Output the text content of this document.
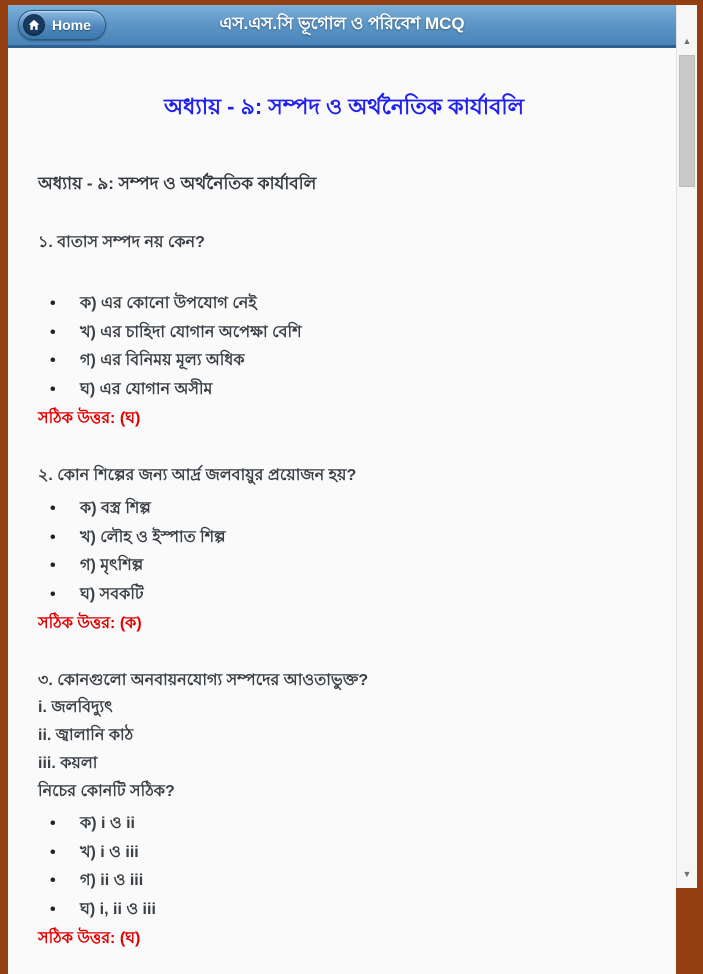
Home	এস.এস.সি ভূগোল ও পরিবেশ MCQ
অধ্যায় - ৯: সম্পদ ও অর্থনৈতিক কার্যাবলি
অধ্যায় - ৯: সম্পদ ও অর্থনৈতিক কার্যাবলি

১. বাতাস সম্পদ নয় কেন?

• ক) এর কোনো উপযোগ নেই
• খ) এর চাহিদা যোগান অপেক্ষা বেশি
• গ) এর বিনিময় মূল্য অধিক
• ঘ) এর যোগান অসীম

সঠিক উত্তর: (ঘ)

২. কোন শিল্পের জন্য আর্দ্র জলবায়ুর প্রয়োজন হয়?

• ক) বস্ত্র শিল্প
• খ) লৌহ ও ইস্পাত শিল্প
• গ) মৃৎশিল্প
• ঘ) সবকটি

সঠিক উত্তর: (ক)

৩. কোনগুলো অনবায়নযোগ্য সম্পদের আওতাভুক্ত?

i. জলবিদ্যুৎ

ii. জ্বালানি কাঠ

iii. কয়লা

নিচের কোনটি সঠিক?

• ক) i ও ii
• খ) i ও iii
• গ) ii ও iii
• ঘ) i, ii ও iii

সঠিক উত্তর: (ঘ)

▲
▼
